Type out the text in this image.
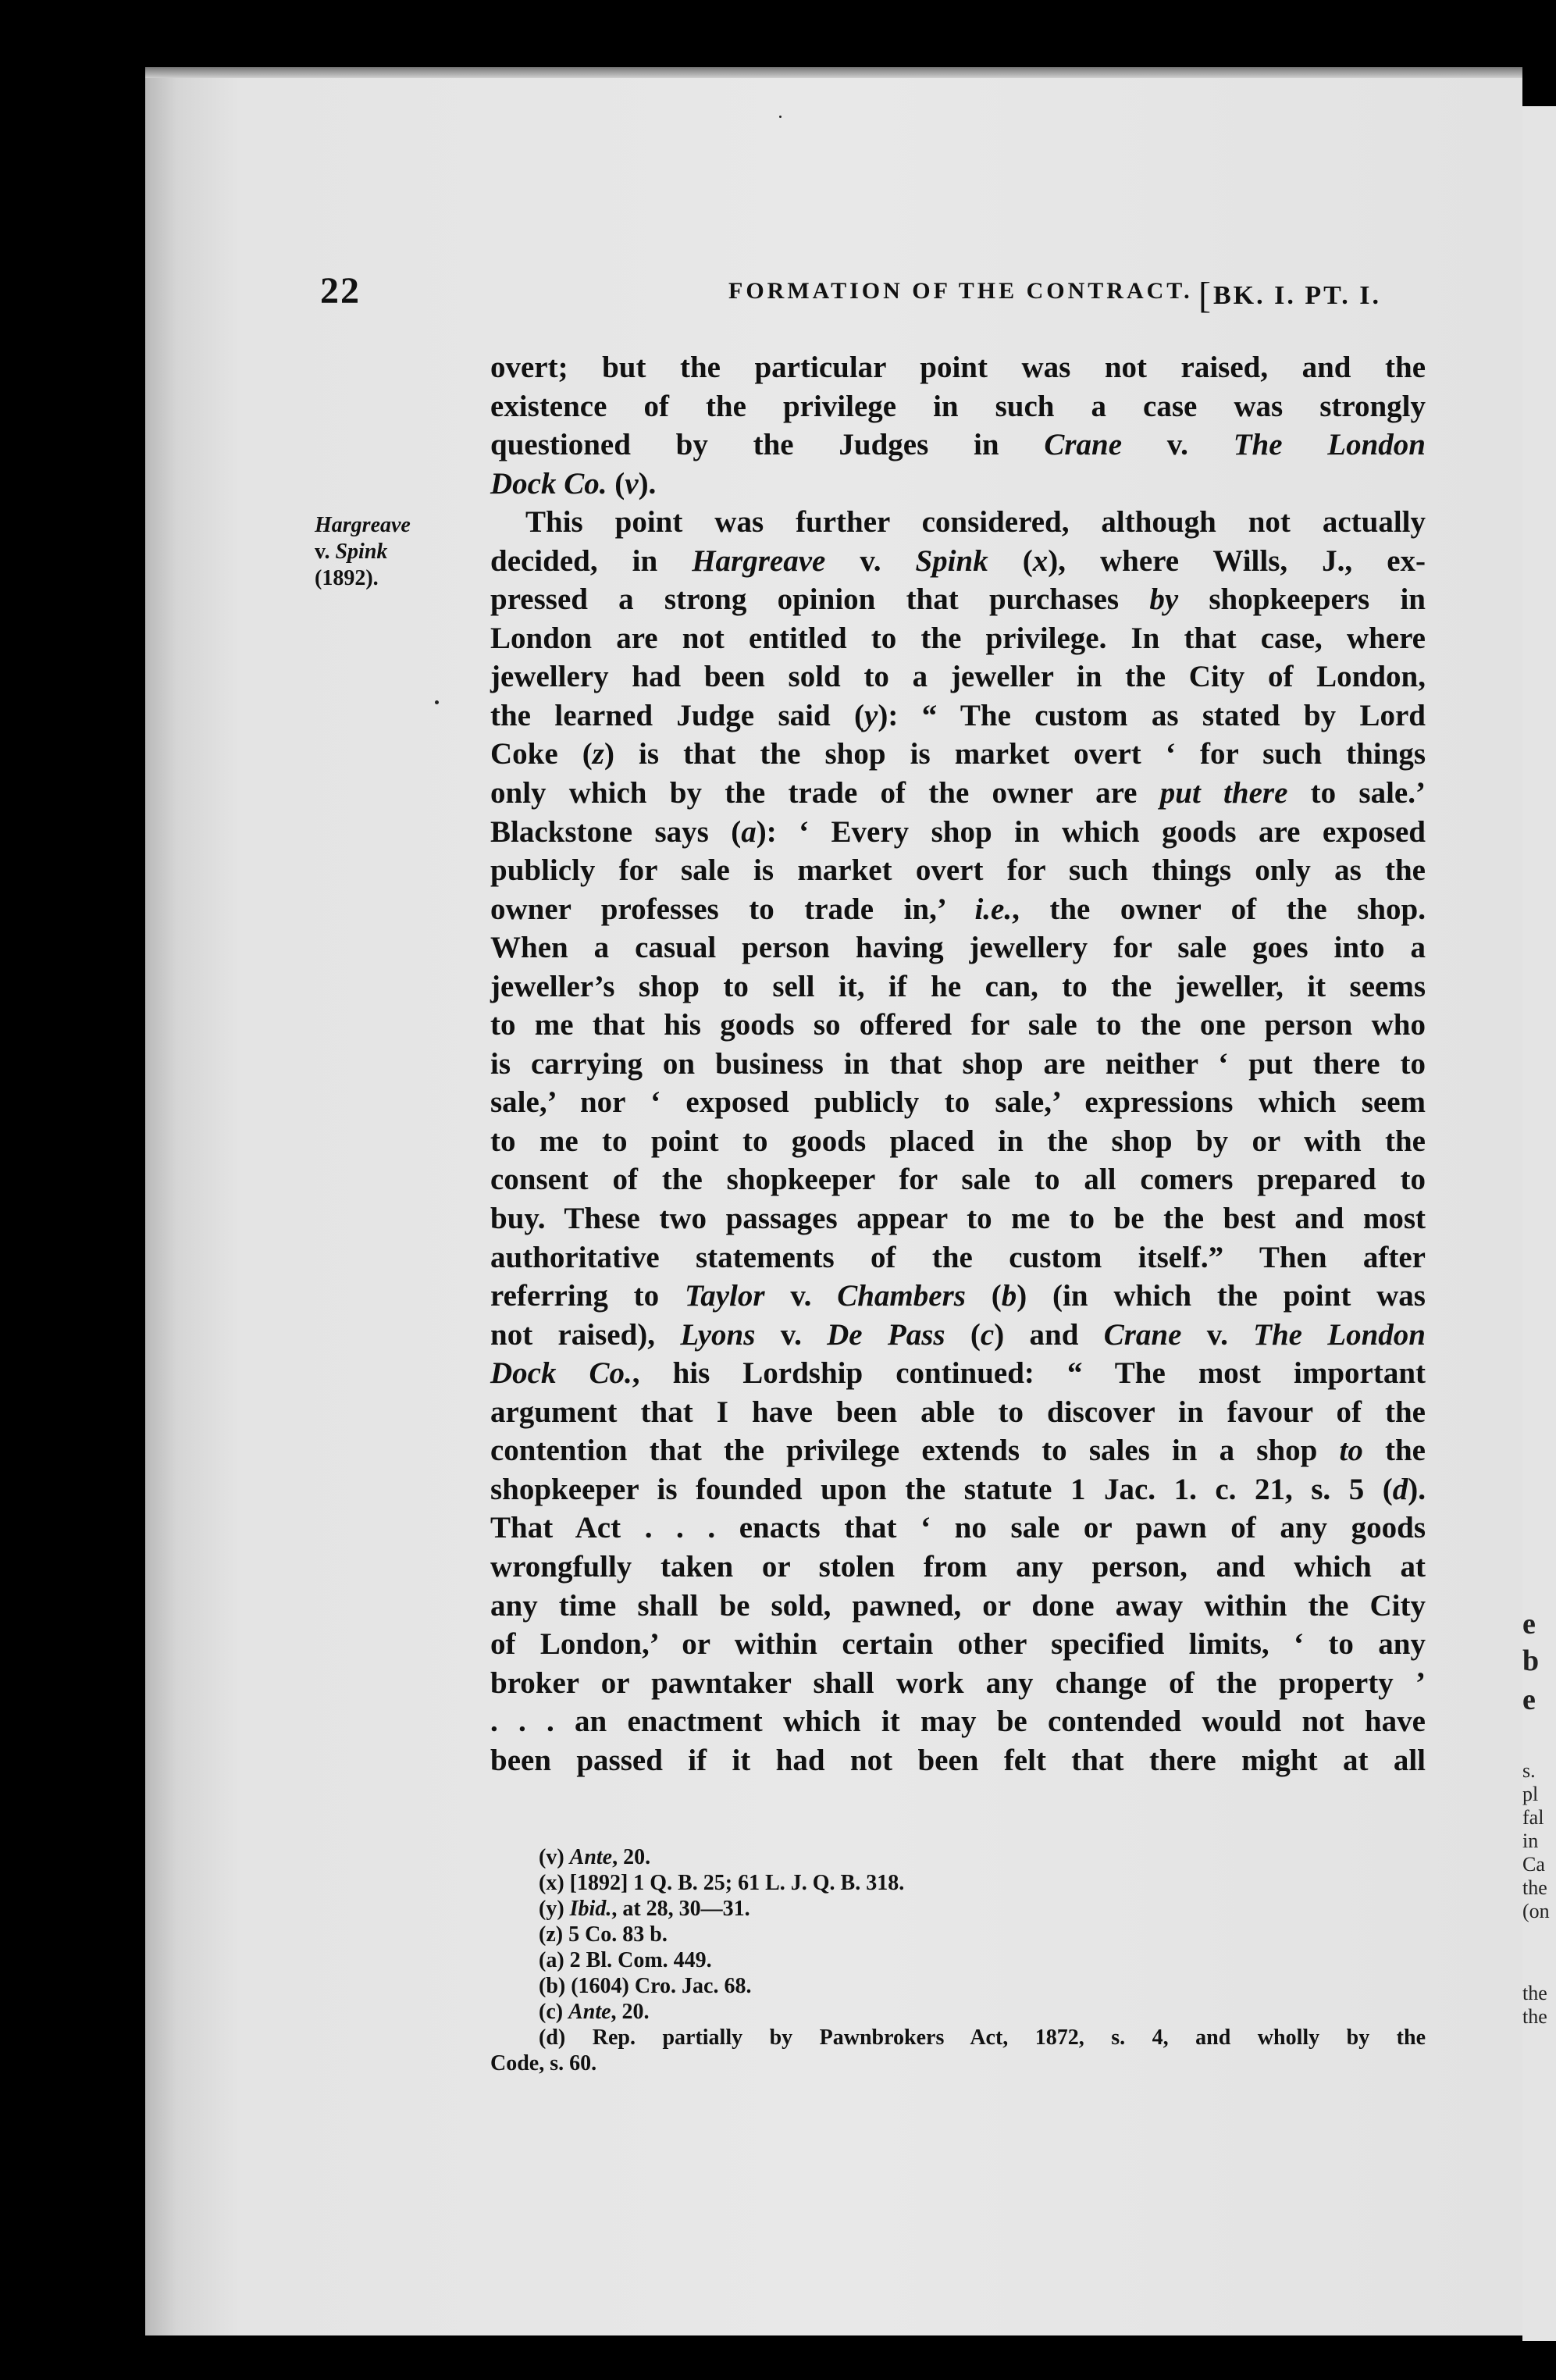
e
b
e
s.
pl
fal
in
Ca
the
(on
the
the
22	FORMATION OF THE CONTRACT. [BK. I. PT. I.
Hargreave
v. Spink
(1892).
overt; but the particular point was not raised, and the
existence of the privilege in such a case was strongly
questioned by the Judges in Crane v. The London
Dock Co. (v).
This point was further considered, although not actually
decided, in Hargreave v. Spink (x), where Wills, J., ex-
pressed a strong opinion that purchases by shopkeepers in
London are not entitled to the privilege. In that case, where
jewellery had been sold to a jeweller in the City of London,
the learned Judge said (y): “ The custom as stated by Lord
Coke (z) is that the shop is market overt ‘ for such things
only which by the trade of the owner are put there to sale.’
Blackstone says (a): ‘ Every shop in which goods are exposed
publicly for sale is market overt for such things only as the
owner professes to trade in,’ i.e., the owner of the shop.
When a casual person having jewellery for sale goes into a
jeweller’s shop to sell it, if he can, to the jeweller, it seems
to me that his goods so offered for sale to the one person who
is carrying on business in that shop are neither ‘ put there to
sale,’ nor ‘ exposed publicly to sale,’ expressions which seem
to me to point to goods placed in the shop by or with the
consent of the shopkeeper for sale to all comers prepared to
buy. These two passages appear to me to be the best and most
authoritative statements of the custom itself.” Then after
referring to Taylor v. Chambers (b) (in which the point was
not raised), Lyons v. De Pass (c) and Crane v. The London
Dock Co., his Lordship continued: “ The most important
argument that I have been able to discover in favour of the
contention that the privilege extends to sales in a shop to the
shopkeeper is founded upon the statute 1 Jac. 1. c. 21, s. 5 (d).
That Act . . . enacts that ‘ no sale or pawn of any goods
wrongfully taken or stolen from any person, and which at
any time shall be sold, pawned, or done away within the City
of London,’ or within certain other specified limits, ‘ to any
broker or pawntaker shall work any change of the property ’
. . . an enactment which it may be contended would not have
been passed if it had not been felt that there might at all
(v) Ante, 20.
(x) [1892] 1 Q. B. 25; 61 L. J. Q. B. 318.
(y) Ibid., at 28, 30—31.
(z) 5 Co. 83 b.
(a) 2 Bl. Com. 449.
(b) (1604) Cro. Jac. 68.
(c) Ante, 20.
(d) Rep. partially by Pawnbrokers Act, 1872, s. 4, and wholly by the
Code, s. 60.
